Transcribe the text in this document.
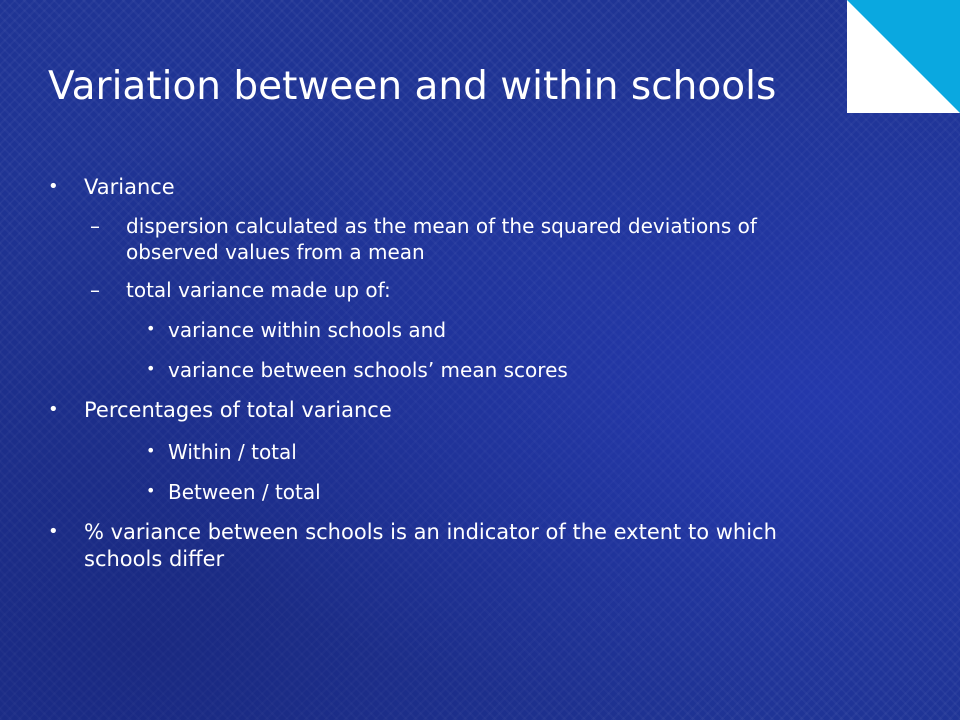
Variation between and within schools
• Variance
– dispersion calculated as the mean of the squared deviations of observed values from a mean
– total variance made up of:
• variance within schools and
• variance between schools’ mean scores
• Percentages of total variance
• Within / total
• Between / total
• % variance between schools is an indicator of the extent to which schools differ
